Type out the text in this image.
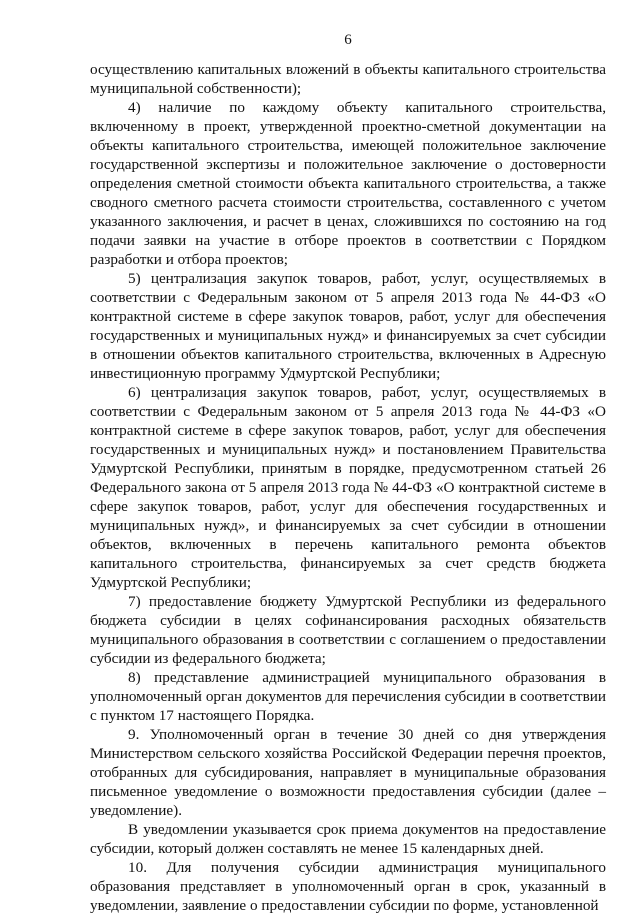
6

осуществлению капитальных вложений в объекты капитального строительства муниципальной собственности);

4) наличие по каждому объекту капитального строительства, включенному в проект, утвержденной проектно-сметной документации на объекты капитального строительства, имеющей положительное заключение государственной экспертизы и положительное заключение о достоверности определения сметной стоимости объекта капитального строительства, а также сводного сметного расчета стоимости строительства, составленного с учетом указанного заключения, и расчет в ценах, сложившихся по состоянию на год подачи заявки на участие в отборе проектов в соответствии с Порядком разработки и отбора проектов;

5) централизация закупок товаров, работ, услуг, осуществляемых в соответствии с Федеральным законом от 5 апреля 2013 года № 44-ФЗ «О контрактной системе в сфере закупок товаров, работ, услуг для обеспечения государственных и муниципальных нужд» и финансируемых за счет субсидии в отношении объектов капитального строительства, включенных в Адресную инвестиционную программу Удмуртской Республики;

6) централизация закупок товаров, работ, услуг, осуществляемых в соответствии с Федеральным законом от 5 апреля 2013 года № 44-ФЗ «О контрактной системе в сфере закупок товаров, работ, услуг для обеспечения государственных и муниципальных нужд» и постановлением Правительства Удмуртской Республики, принятым в порядке, предусмотренном статьей 26 Федерального закона от 5 апреля 2013 года № 44-ФЗ «О контрактной системе в сфере закупок товаров, работ, услуг для обеспечения государственных и муниципальных нужд», и финансируемых за счет субсидии в отношении объектов, включенных в перечень капитального ремонта объектов капитального строительства, финансируемых за счет средств бюджета Удмуртской Республики;

7) предоставление бюджету Удмуртской Республики из федерального бюджета субсидии в целях софинансирования расходных обязательств муниципального образования в соответствии с соглашением о предоставлении субсидии из федерального бюджета;

8) представление администрацией муниципального образования в уполномоченный орган документов для перечисления субсидии в соответствии с пунктом 17 настоящего Порядка.

9. Уполномоченный орган в течение 30 дней со дня утверждения Министерством сельского хозяйства Российской Федерации перечня проектов, отобранных для субсидирования, направляет в муниципальные образования письменное уведомление о возможности предоставления субсидии (далее – уведомление).

В уведомлении указывается срок приема документов на предоставление субсидии, который должен составлять не менее 15 календарных дней.

10. Для получения субсидии администрация муниципального образования представляет в уполномоченный орган в срок, указанный в уведомлении, заявление о предоставлении субсидии по форме, установленной
